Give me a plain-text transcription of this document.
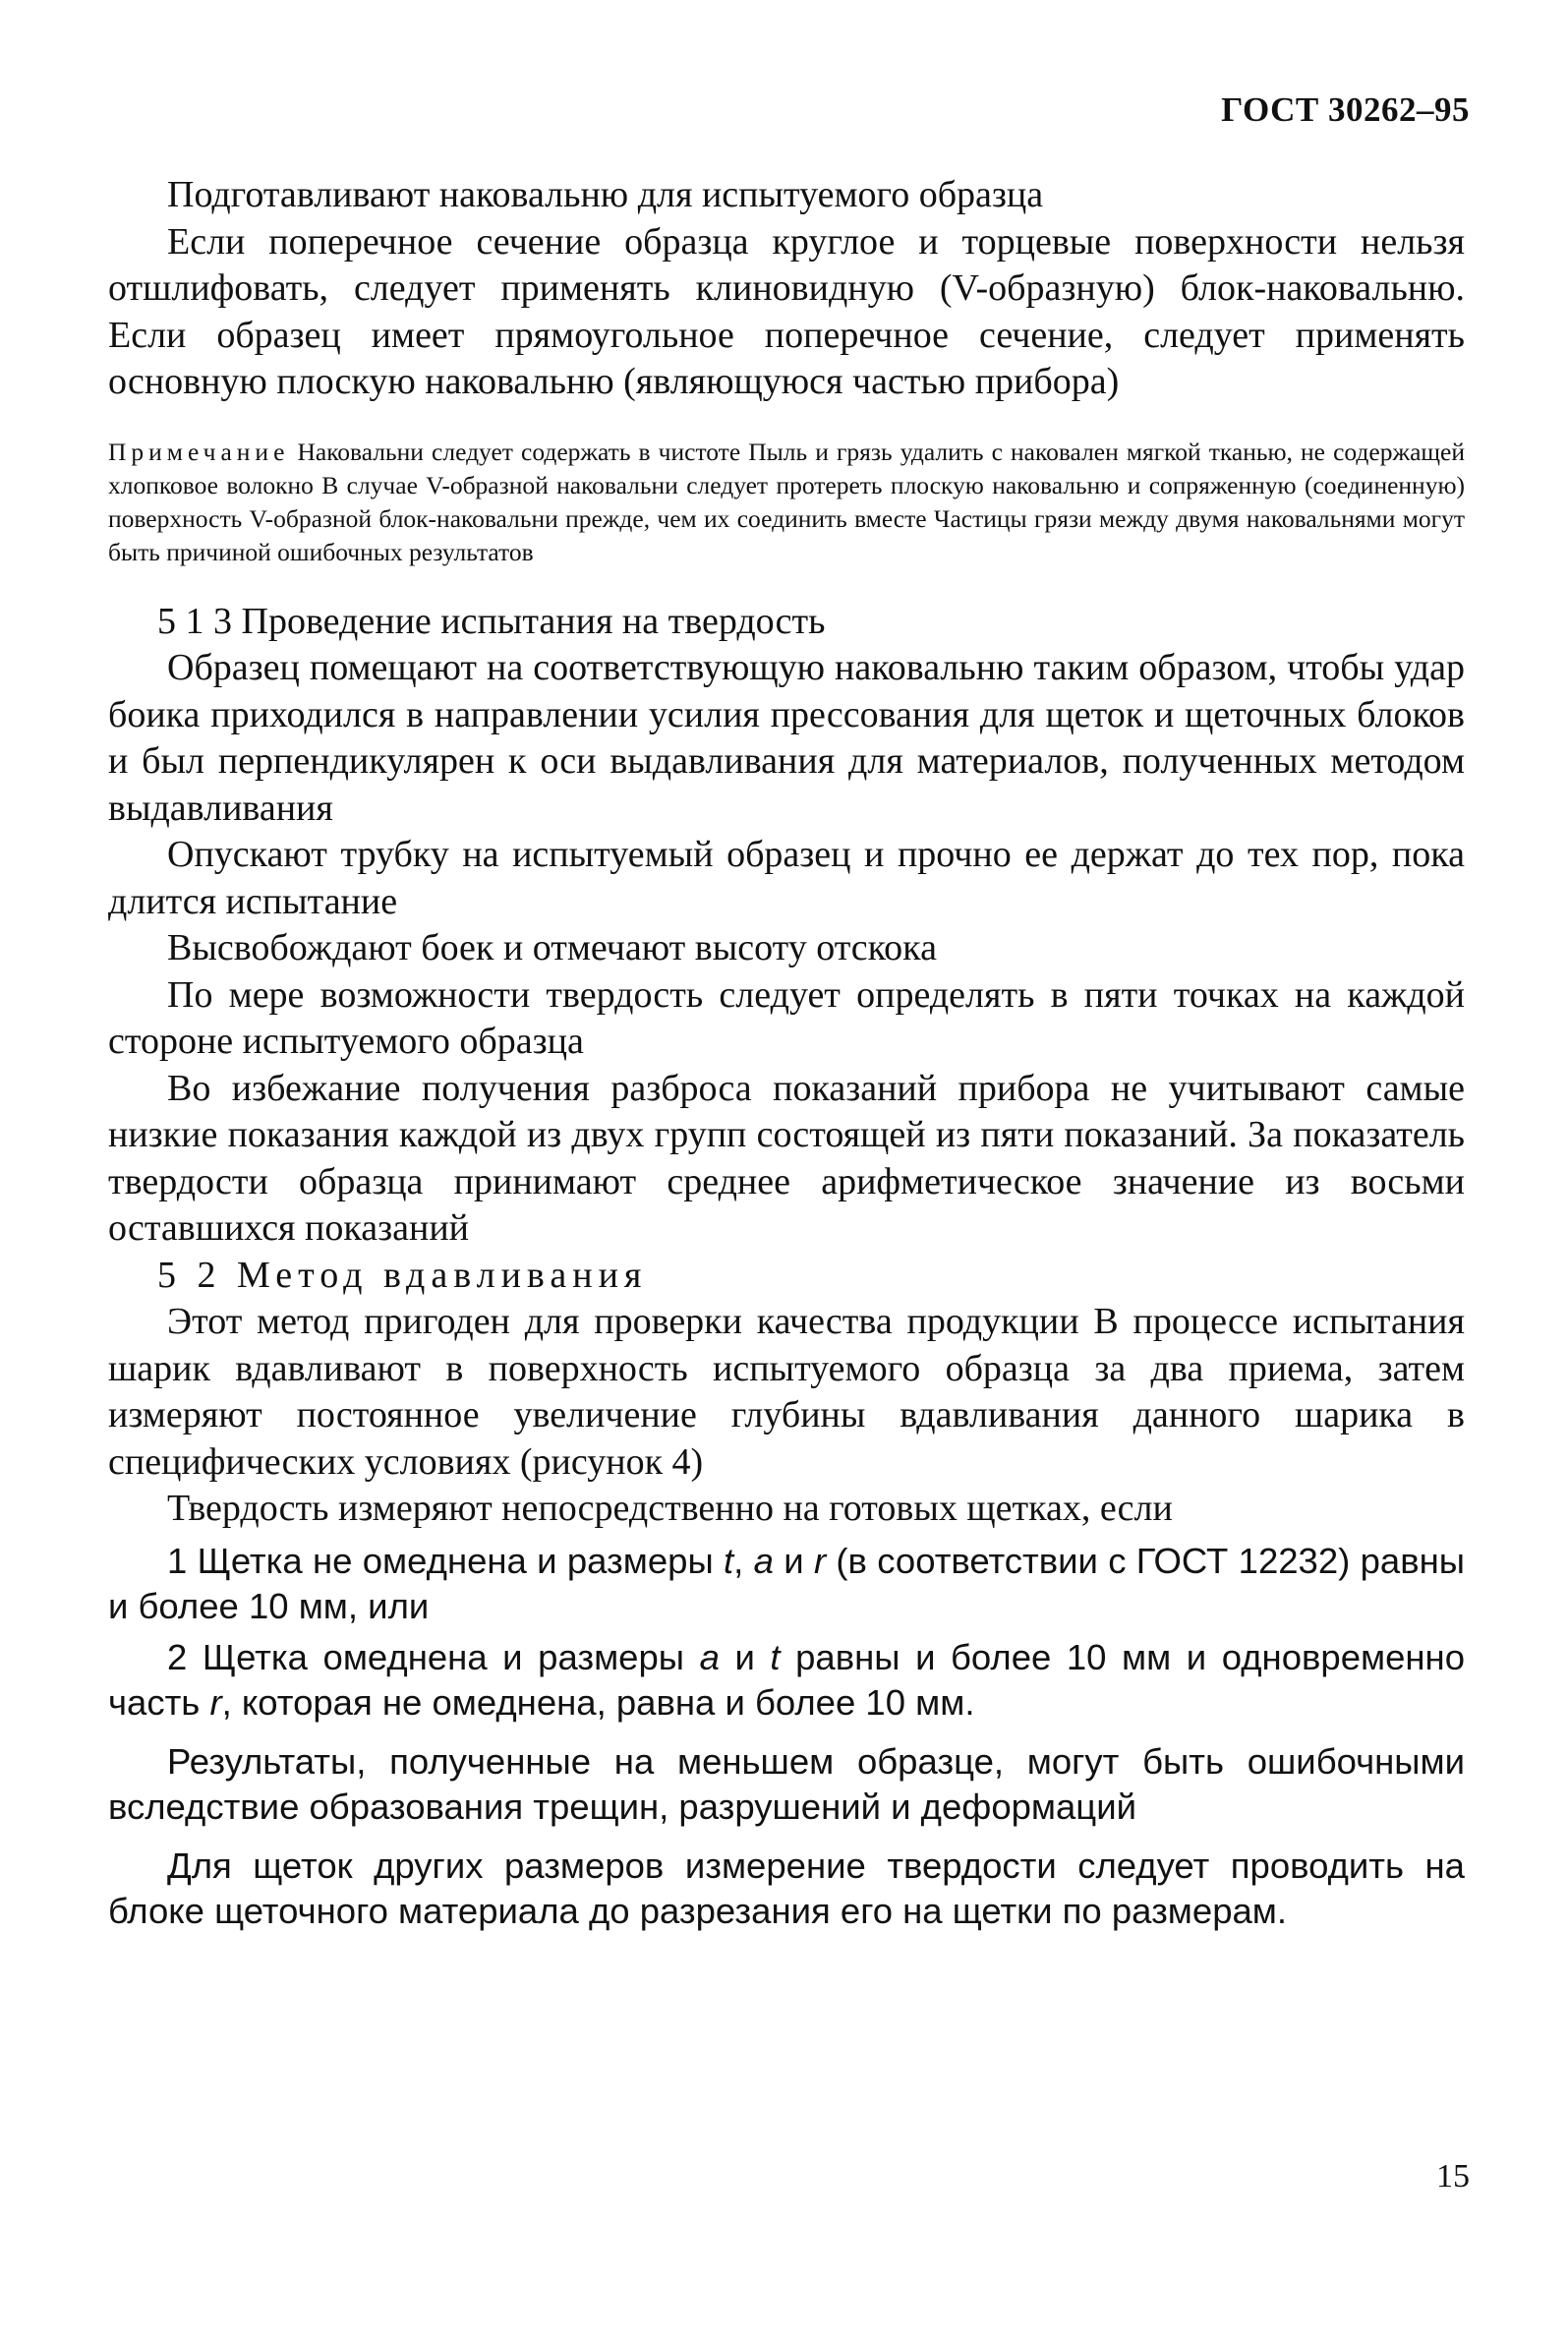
ГОСТ 30262–95

Подготавливают наковальню для испытуемого образца

Если поперечное сечение образца круглое и торцевые поверхности нельзя отшлифовать, следует применять клиновидную (V-образную) блок-наковальню. Если образец имеет прямоугольное поперечное сечение, следует применять основную плоскую наковальню (являющуюся частью прибора)

Примечание Наковальни следует содержать в чистоте Пыль и грязь удалить с наковален мягкой тканью, не содержащей хлопковое волокно В случае V-образной наковальни следует протереть плоскую наковальню и сопряженную (соединенную) поверхность V-образной блок-наковальни прежде, чем их соединить вместе Частицы грязи между двумя наковальнями могут быть причиной ошибочных результатов

5 1 3 Проведение испытания на твердость

Образец помещают на соответствующую наковальню таким образом, чтобы удар боика приходился в направлении усилия прессования для щеток и щеточных блоков и был перпендикулярен к оси выдавливания для материалов, полученных методом выдавливания

Опускают трубку на испытуемый образец и прочно ее держат до тех пор, пока длится испытание

Высвобождают боек и отмечают высоту отскока

По мере возможности твердость следует определять в пяти точках на каждой стороне испытуемого образца

Во избежание получения разброса показаний прибора не учитывают самые низкие показания каждой из двух групп состоящей из пяти показаний. За показатель твердости образца принимают среднее арифметическое значение из восьми оставшихся показаний

5 2 Метод вдавливания

Этот метод пригоден для проверки качества продукции В процессе испытания шарик вдавливают в поверхность испытуемого образца за два приема, затем измеряют постоянное увеличение глубины вдавливания данного шарика в специфических условиях (рисунок 4)

Твердость измеряют непосредственно на готовых щетках, если

1 Щетка не омеднена и размеры t, a и r (в соответствии с ГОСТ 12232) равны и более 10 мм, или

2 Щетка омеднена и размеры a и t равны и более 10 мм и одновременно часть r, которая не омеднена, равна и более 10 мм.

Результаты, полученные на меньшем образце, могут быть ошибочными вследствие образования трещин, разрушений и деформаций

Для щеток других размеров измерение твердости следует проводить на блоке щеточного материала до разрезания его на щетки по размерам.

15
